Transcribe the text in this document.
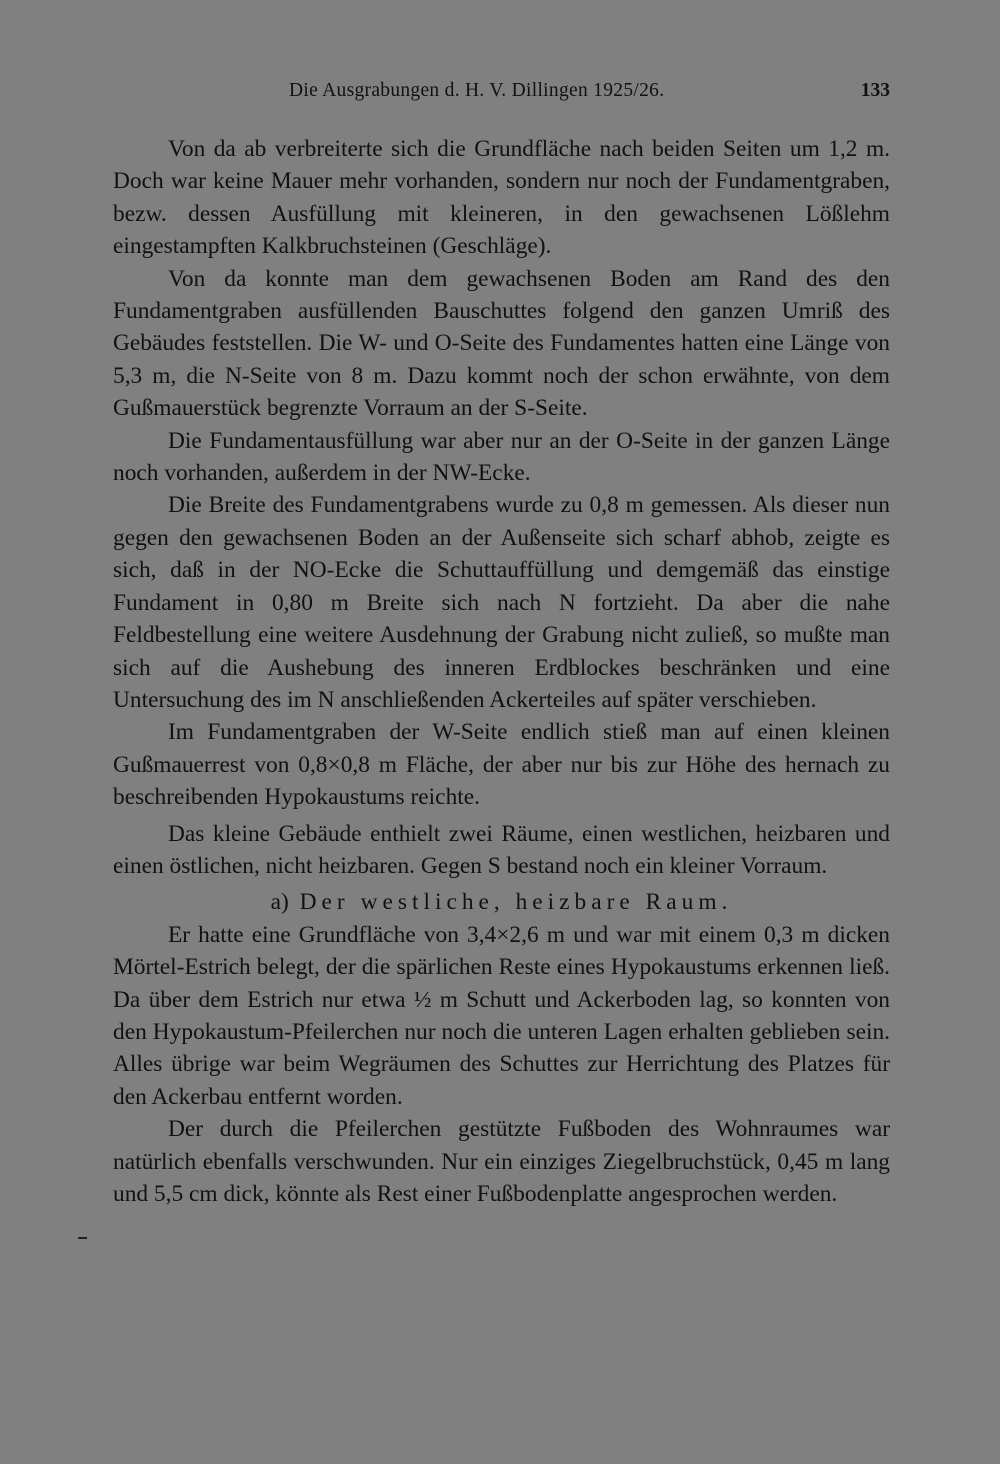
Die Ausgrabungen d. H. V. Dillingen 1925/26.	133

Von da ab verbreiterte sich die Grundfläche nach beiden Seiten um 1,2 m. Doch war keine Mauer mehr vorhanden, sondern nur noch der Fundamentgraben, bezw. dessen Ausfüllung mit kleineren, in den gewachsenen Lößlehm eingestampften Kalkbruchsteinen (Geschläge).

Von da konnte man dem gewachsenen Boden am Rand des den Fundamentgraben ausfüllenden Bauschuttes folgend den ganzen Umriß des Gebäudes feststellen. Die W- und O-Seite des Fundamentes hatten eine Länge von 5,3 m, die N-Seite von 8 m. Dazu kommt noch der schon erwähnte, von dem Gußmauerstück begrenzte Vorraum an der S-Seite.

Die Fundamentausfüllung war aber nur an der O-Seite in der ganzen Länge noch vorhanden, außerdem in der NW-Ecke.

Die Breite des Fundamentgrabens wurde zu 0,8 m gemessen. Als dieser nun gegen den gewachsenen Boden an der Außenseite sich scharf abhob, zeigte es sich, daß in der NO-Ecke die Schuttauffüllung und demgemäß das einstige Fundament in 0,80 m Breite sich nach N fortzieht. Da aber die nahe Feldbestellung eine weitere Ausdehnung der Grabung nicht zuließ, so mußte man sich auf die Aushebung des inneren Erdblockes beschränken und eine Untersuchung des im N anschließenden Ackerteiles auf später verschieben.

Im Fundamentgraben der W-Seite endlich stieß man auf einen kleinen Gußmauerrest von 0,8×0,8 m Fläche, der aber nur bis zur Höhe des hernach zu beschreibenden Hypokaustums reichte.

Das kleine Gebäude enthielt zwei Räume, einen westlichen, heizbaren und einen östlichen, nicht heizbaren. Gegen S bestand noch ein kleiner Vorraum.

a) Der westliche, heizbare Raum.

Er hatte eine Grundfläche von 3,4×2,6 m und war mit einem 0,3 m dicken Mörtel-Estrich belegt, der die spärlichen Reste eines Hypokaustums erkennen ließ. Da über dem Estrich nur etwa ½ m Schutt und Ackerboden lag, so konnten von den Hypokaustum-Pfeilerchen nur noch die unteren Lagen erhalten geblieben sein. Alles übrige war beim Wegräumen des Schuttes zur Herrichtung des Platzes für den Ackerbau entfernt worden.

Der durch die Pfeilerchen gestützte Fußboden des Wohnraumes war natürlich ebenfalls verschwunden. Nur ein einziges Ziegelbruchstück, 0,45 m lang und 5,5 cm dick, könnte als Rest einer Fußbodenplatte angesprochen werden.
